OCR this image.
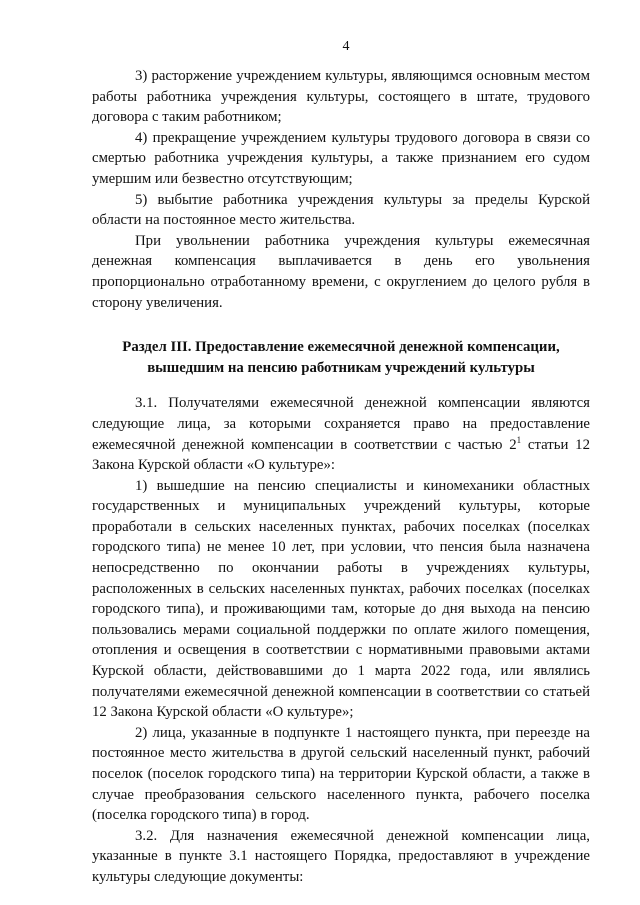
4

3) расторжение учреждением культуры, являющимся основным местом работы работника учреждения культуры, состоящего в штате, трудового договора с таким работником;

4) прекращение учреждением культуры трудового договора в связи со смертью работника учреждения культуры, а также признанием его судом умершим или безвестно отсутствующим;

5) выбытие работника учреждения культуры за пределы Курской области на постоянное место жительства.

При увольнении работника учреждения культуры ежемесячная денежная компенсация выплачивается в день его увольнения пропорционально отработанному времени, с округлением до целого рубля в сторону увеличения.

Раздел III. Предоставление ежемесячной денежной компенсации,
вышедшим на пенсию работникам учреждений культуры

3.1. Получателями ежемесячной денежной компенсации являются следующие лица, за которыми сохраняется право на предоставление ежемесячной денежной компенсации в соответствии с частью $2^1$ статьи 12 Закона Курской области «О культуре»:

1) вышедшие на пенсию специалисты и киномеханики областных государственных и муниципальных учреждений культуры, которые проработали в сельских населенных пунктах, рабочих поселках (поселках городского типа) не менее 10 лет, при условии, что пенсия была назначена непосредственно по окончании работы в учреждениях культуры, расположенных в сельских населенных пунктах, рабочих поселках (поселках городского типа), и проживающими там, которые до дня выхода на пенсию пользовались мерами социальной поддержки по оплате жилого помещения, отопления и освещения в соответствии с нормативными правовыми актами Курской области, действовавшими до 1 марта 2022 года, или являлись получателями ежемесячной денежной компенсации в соответствии со статьей 12 Закона Курской области «О культуре»;

2) лица, указанные в подпункте 1 настоящего пункта, при переезде на постоянное место жительства в другой сельский населенный пункт, рабочий поселок (поселок городского типа) на территории Курской области, а также в случае преобразования сельского населенного пункта, рабочего поселка (поселка городского типа) в город.

3.2. Для назначения ежемесячной денежной компенсации лица, указанные в пункте 3.1 настоящего Порядка, предоставляют в учреждение культуры следующие документы:
